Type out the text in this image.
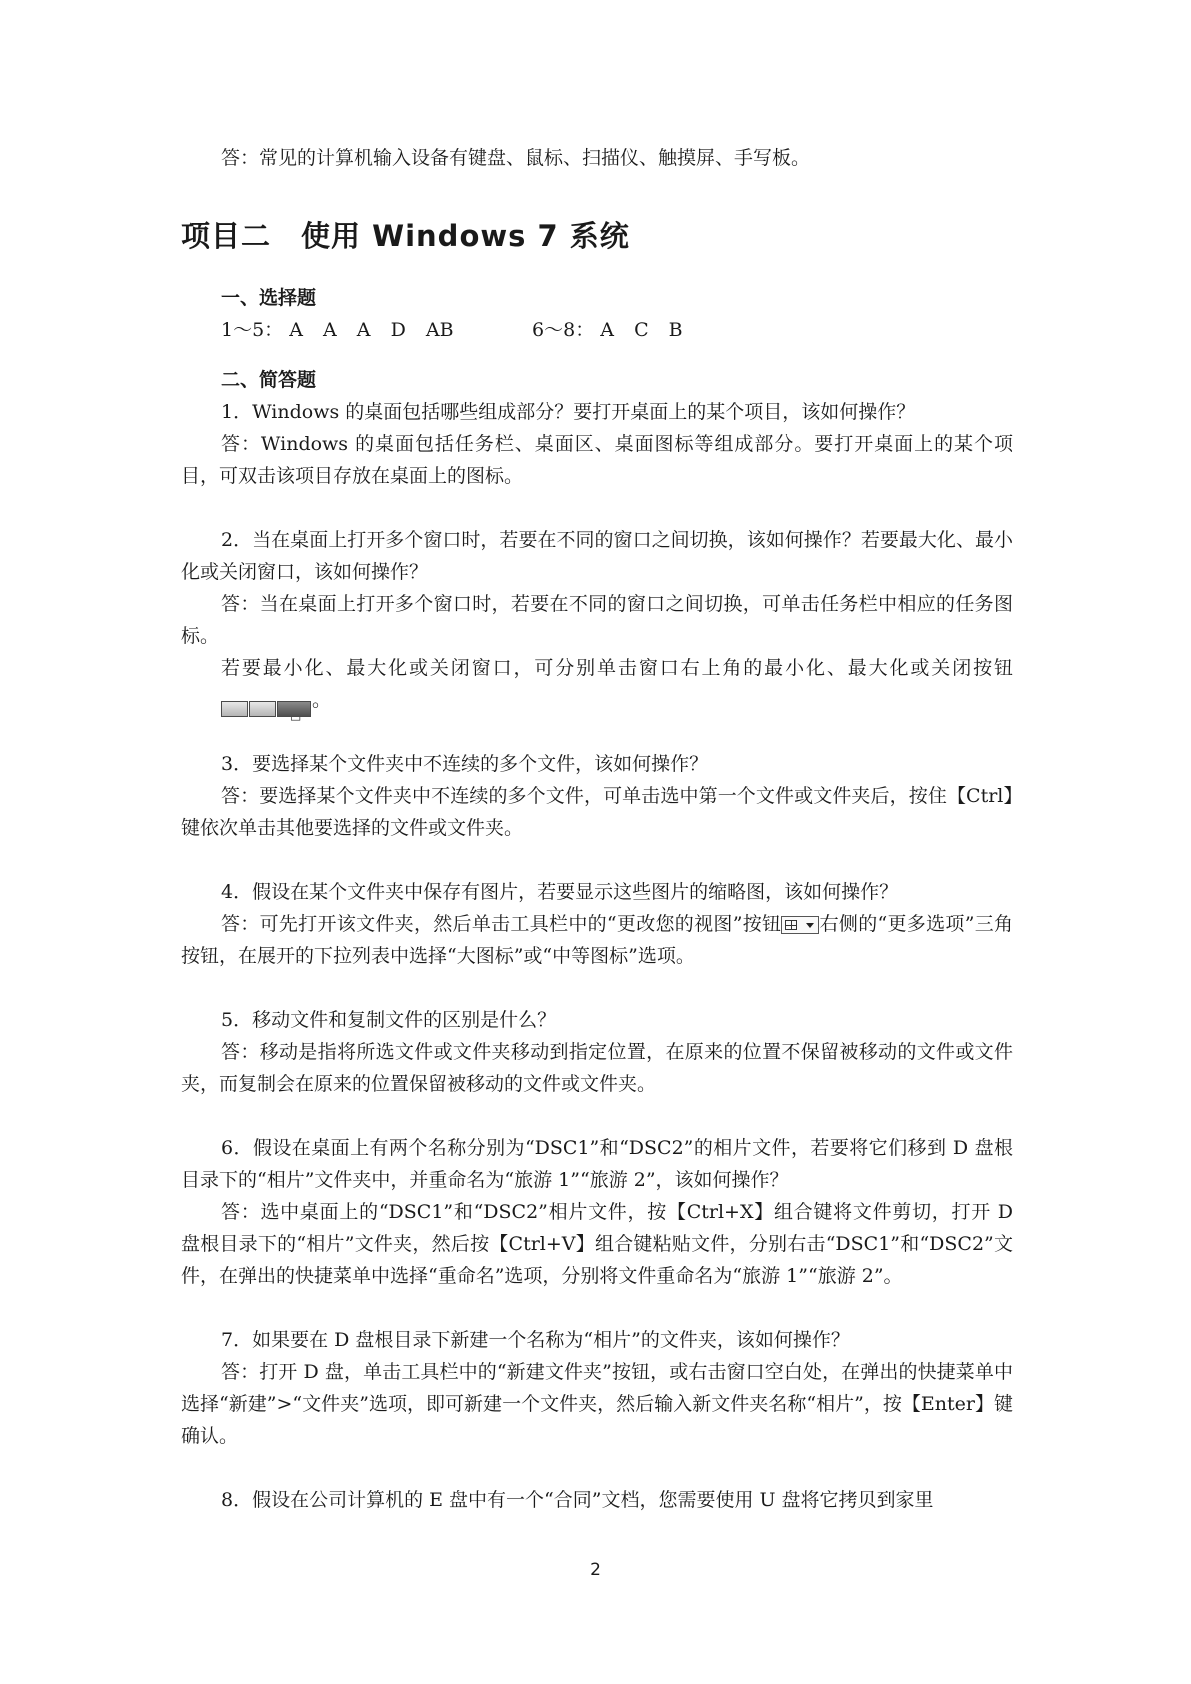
答：常见的计算机输入设备有键盘、鼠标、扫描仪、触摸屏、手写板。

项目二 使用 Windows 7 系统
一、选择题
1～5： A A A D AB	6～8： A C B
二、简答题

1．Windows 的桌面包括哪些组成部分？要打开桌面上的某个项目，该如何操作？

答：Windows 的桌面包括任务栏、桌面区、桌面图标等组成部分。要打开桌面上的某个项目，可双击该项目存放在桌面上的图标。

2．当在桌面上打开多个窗口时，若要在不同的窗口之间切换，该如何操作？若要最大化、最小化或关闭窗口，该如何操作？

答：当在桌面上打开多个窗口时，若要在不同的窗口之间切换，可单击任务栏中相应的任务图标。

若要最小化、最大化或关闭窗口，可分别单击窗口右上角的最小化、最大化或关闭按钮
✕
。

3．要选择某个文件夹中不连续的多个文件，该如何操作？

答：要选择某个文件夹中不连续的多个文件，可单击选中第一个文件或文件夹后，按住【Ctrl】键依次单击其他要选择的文件或文件夹。

4．假设在某个文件夹中保存有图片，若要显示这些图片的缩略图，该如何操作？

答：可先打开该文件夹，然后单击工具栏中的“更改您的视图”按钮 右侧的“更多选项”三角按钮，在展开的下拉列表中选择“大图标”或“中等图标”选项。

5．移动文件和复制文件的区别是什么？

答：移动是指将所选文件或文件夹移动到指定位置，在原来的位置不保留被移动的文件或文件夹，而复制会在原来的位置保留被移动的文件或文件夹。

6．假设在桌面上有两个名称分别为“DSC1”和“DSC2”的相片文件，若要将它们移到 D 盘根目录下的“相片”文件夹中，并重命名为“旅游 1”“旅游 2”，该如何操作？

答：选中桌面上的“DSC1”和“DSC2”相片文件，按【Ctrl+X】组合键将文件剪切，打开 D 盘根目录下的“相片”文件夹，然后按【Ctrl+V】组合键粘贴文件，分别右击“DSC1”和“DSC2”文件，在弹出的快捷菜单中选择“重命名”选项，分别将文件重命名为“旅游 1”“旅游 2”。

7．如果要在 D 盘根目录下新建一个名称为“相片”的文件夹，该如何操作？

答：打开 D 盘，单击工具栏中的“新建文件夹”按钮，或右击窗口空白处，在弹出的快捷菜单中选择“新建”>“文件夹”选项，即可新建一个文件夹，然后输入新文件夹名称“相片”，按【Enter】键确认。

8．假设在公司计算机的 E 盘中有一个“合同”文档，您需要使用 U 盘将它拷贝到家里

2
